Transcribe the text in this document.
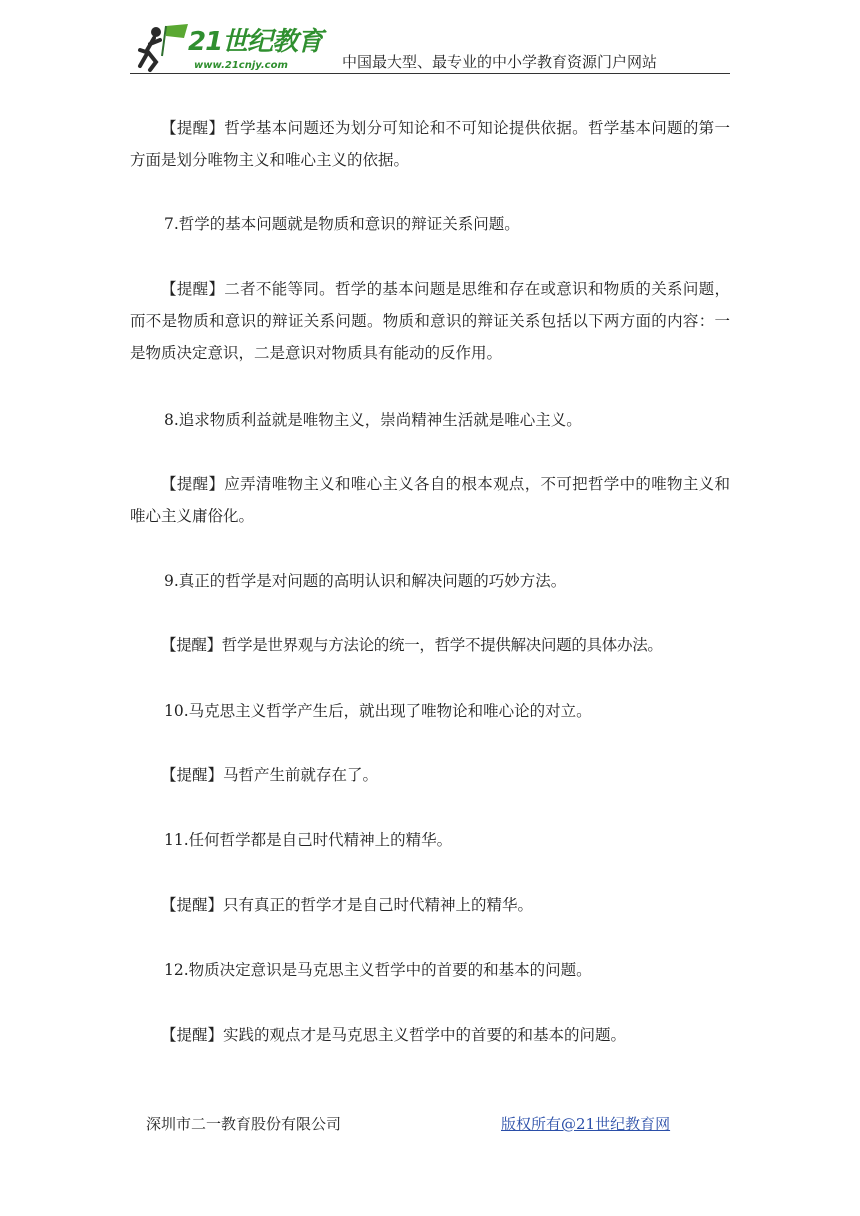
21世纪教育
www.21cnjy.com	中国最大型、最专业的中小学教育资源门户网站

【提醒】哲学基本问题还为划分可知论和不可知论提供依据。哲学基本问题的第一方面是划分唯物主义和唯心主义的依据。

7.哲学的基本问题就是物质和意识的辩证关系问题。

【提醒】二者不能等同。哲学的基本问题是思维和存在或意识和物质的关系问题，而不是物质和意识的辩证关系问题。物质和意识的辩证关系包括以下两方面的内容：一是物质决定意识，二是意识对物质具有能动的反作用。

8.追求物质利益就是唯物主义，崇尚精神生活就是唯心主义。

【提醒】应弄清唯物主义和唯心主义各自的根本观点，不可把哲学中的唯物主义和唯心主义庸俗化。

9.真正的哲学是对问题的高明认识和解决问题的巧妙方法。

【提醒】哲学是世界观与方法论的统一，哲学不提供解决问题的具体办法。

10.马克思主义哲学产生后，就出现了唯物论和唯心论的对立。

【提醒】马哲产生前就存在了。

11.任何哲学都是自己时代精神上的精华。

【提醒】只有真正的哲学才是自己时代精神上的精华。

12.物质决定意识是马克思主义哲学中的首要的和基本的问题。

【提醒】实践的观点才是马克思主义哲学中的首要的和基本的问题。

深圳市二一教育股份有限公司	版权所有@21世纪教育网
